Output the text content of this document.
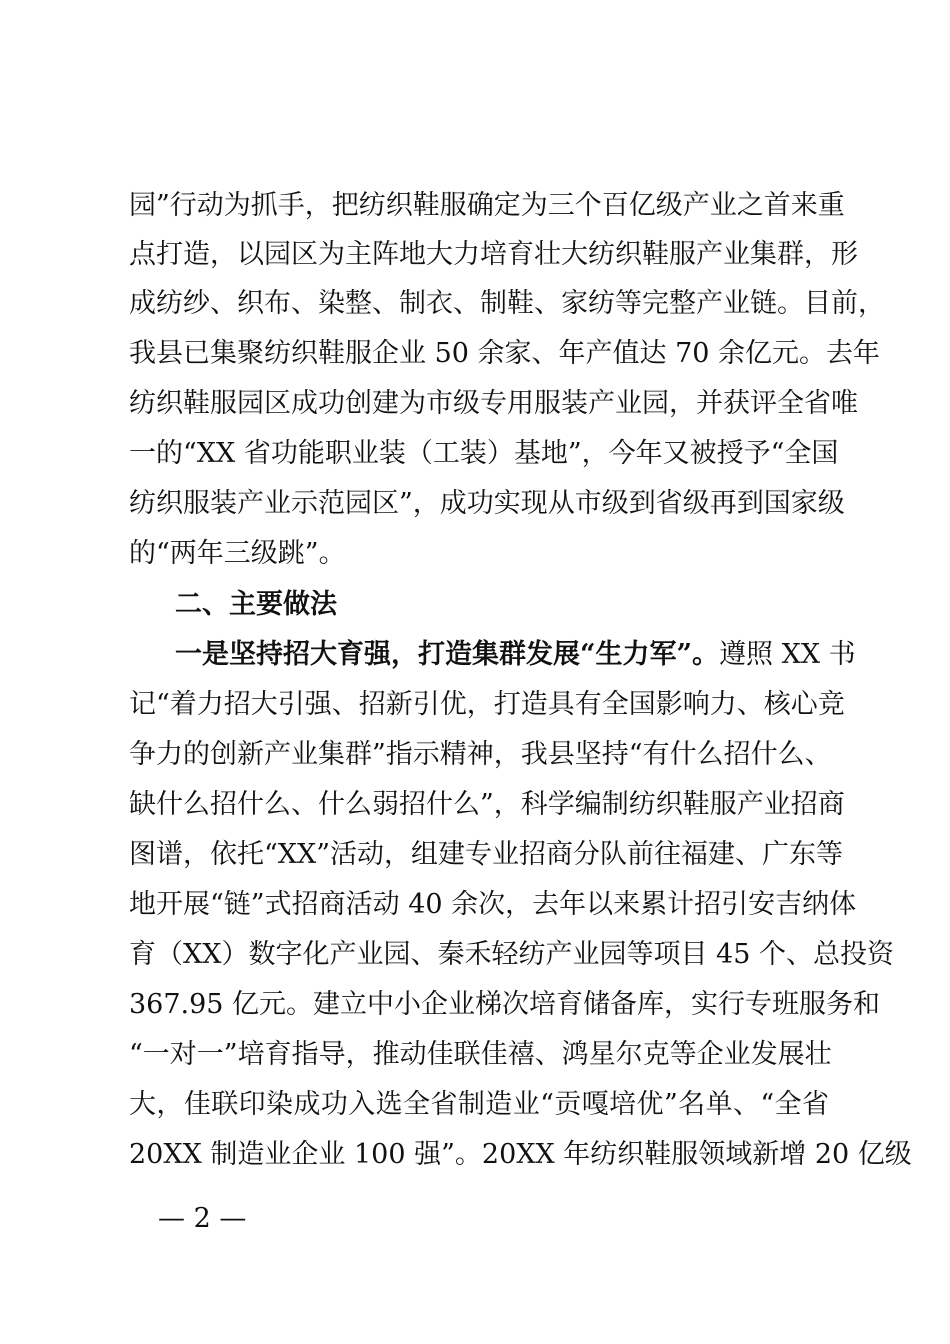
园”行动为抓手，把纺织鞋服确定为三个百亿级产业之首来重
点打造，以园区为主阵地大力培育壮大纺织鞋服产业集群，形
成纺纱、织布、染整、制衣、制鞋、家纺等完整产业链。目前，
我县已集聚纺织鞋服企业 50 余家、年产值达 70 余亿元。去年
纺织鞋服园区成功创建为市级专用服装产业园，并获评全省唯
一的“XX 省功能职业装（工装）基地”，今年又被授予“全国
纺织服装产业示范园区”，成功实现从市级到省级再到国家级
的“两年三级跳”。
二、主要做法
一是坚持招大育强，打造集群发展“生力军”。遵照 XX 书
记“着力招大引强、招新引优，打造具有全国影响力、核心竞
争力的创新产业集群”指示精神，我县坚持“有什么招什么、
缺什么招什么、什么弱招什么”，科学编制纺织鞋服产业招商
图谱，依托“XX”活动，组建专业招商分队前往福建、广东等
地开展“链”式招商活动 40 余次，去年以来累计招引安吉纳体
育（XX）数字化产业园、秦禾轻纺产业园等项目 45 个、总投资
367.95 亿元。建立中小企业梯次培育储备库，实行专班服务和
“一对一”培育指导，推动佳联佳禧、鸿星尔克等企业发展壮
大，佳联印染成功入选全省制造业“贡嘎培优”名单、“全省
20XX 制造业企业 100 强”。20XX 年纺织鞋服领域新增 20 亿级
— 2 —
